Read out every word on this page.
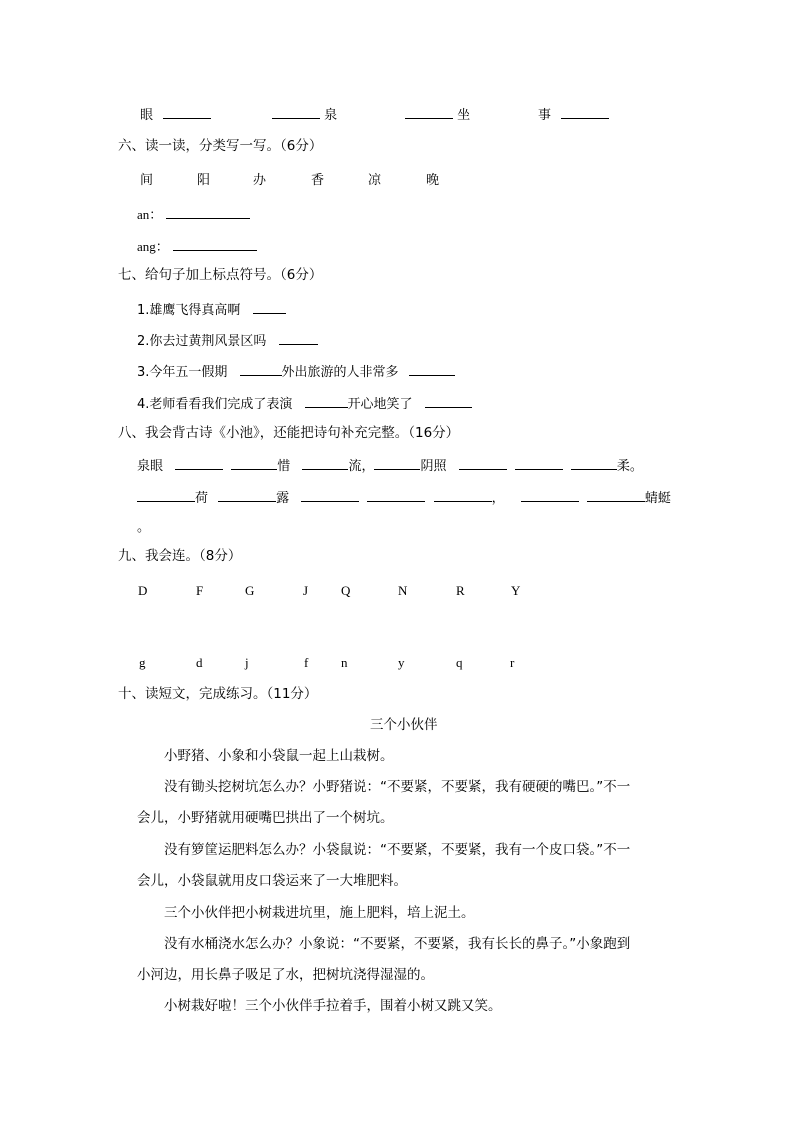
眼	泉	坐	事
六、读一读，分类写一写。（6分）
间	阳	办	香	凉	晚
an：
ang：
七、给句子加上标点符号。（6分）
1.雄鹰飞得真高啊
2.你去过黄荆风景区吗
3.今年五一假期	外出旅游的人非常多
4.老师看看我们完成了表演	开心地笑了
八、我会背古诗《小池》，还能把诗句补充完整。（16分）
泉眼	惜	流，	阴照	柔。
荷	露	，	蜻蜓
。
九、我会连。（8分）
D	F	G	J	Q	N	R	Y
g	d	j	f	n	y	q	r
十、读短文，完成练习。（11分）
三个小伙伴
小野猪、小象和小袋鼠一起上山栽树。
没有锄头挖树坑怎么办？小野猪说：“不要紧，不要紧，我有硬硬的嘴巴。”不一
会儿，小野猪就用硬嘴巴拱出了一个树坑。
没有箩筐运肥料怎么办？小袋鼠说：“不要紧，不要紧，我有一个皮口袋。”不一
会儿，小袋鼠就用皮口袋运来了一大堆肥料。
三个小伙伴把小树栽进坑里，施上肥料，培上泥土。
没有水桶浇水怎么办？小象说：“不要紧，不要紧，我有长长的鼻子。”小象跑到
小河边，用长鼻子吸足了水，把树坑浇得湿湿的。
小树栽好啦！三个小伙伴手拉着手，围着小树又跳又笑。
